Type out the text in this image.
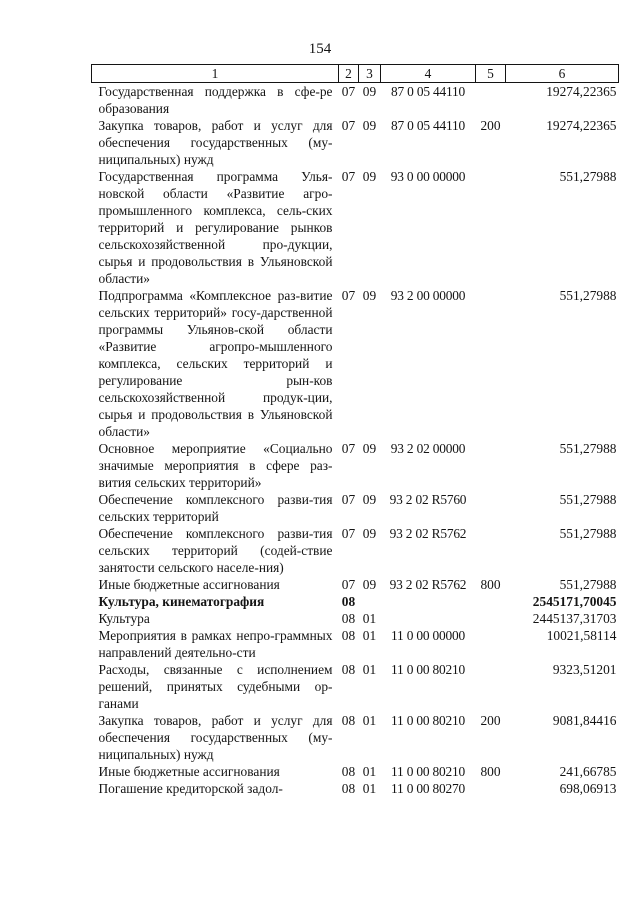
154
1	2	3	4	5	6
Государственная поддержка в сфе-ре образования	07	09	87 0 05 44110		19274,22365
Закупка товаров, работ и услуг для обеспечения государственных (му-ниципальных) нужд	07	09	87 0 05 44110	200	19274,22365
Государственная программа Улья-новской области «Развитие агро-промышленного комплекса, сель-ских территорий и регулирование рынков сельскохозяйственной про-дукции, сырья и продовольствия в Ульяновской области»	07	09	93 0 00 00000		551,27988
Подпрограмма «Комплексное раз-витие сельских территорий» госу-дарственной программы Ульянов-ской области «Развитие агропро-мышленного комплекса, сельских территорий и регулирование рын-ков сельскохозяйственной продук-ции, сырья и продовольствия в Ульяновской области»	07	09	93 2 00 00000		551,27988
Основное мероприятие «Социально значимые мероприятия в сфере раз-вития сельских территорий»	07	09	93 2 02 00000		551,27988
Обеспечение комплексного разви-тия сельских территорий	07	09	93 2 02 R5760		551,27988
Обеспечение комплексного разви-тия сельских территорий (содей-ствие занятости сельского населе-ния)	07	09	93 2 02 R5762		551,27988
Иные бюджетные ассигнования	07	09	93 2 02 R5762	800	551,27988
Культура, кинематография	08				2545171,70045
Культура	08	01			2445137,31703
Мероприятия в рамках непро-граммных направлений деятельно-сти	08	01	11 0 00 00000		10021,58114
Расходы, связанные с исполнением решений, принятых судебными ор-ганами	08	01	11 0 00 80210		9323,51201
Закупка товаров, работ и услуг для обеспечения государственных (му-ниципальных) нужд	08	01	11 0 00 80210	200	9081,84416
Иные бюджетные ассигнования	08	01	11 0 00 80210	800	241,66785
Погашение кредиторской задол-	08	01	11 0 00 80270		698,06913
